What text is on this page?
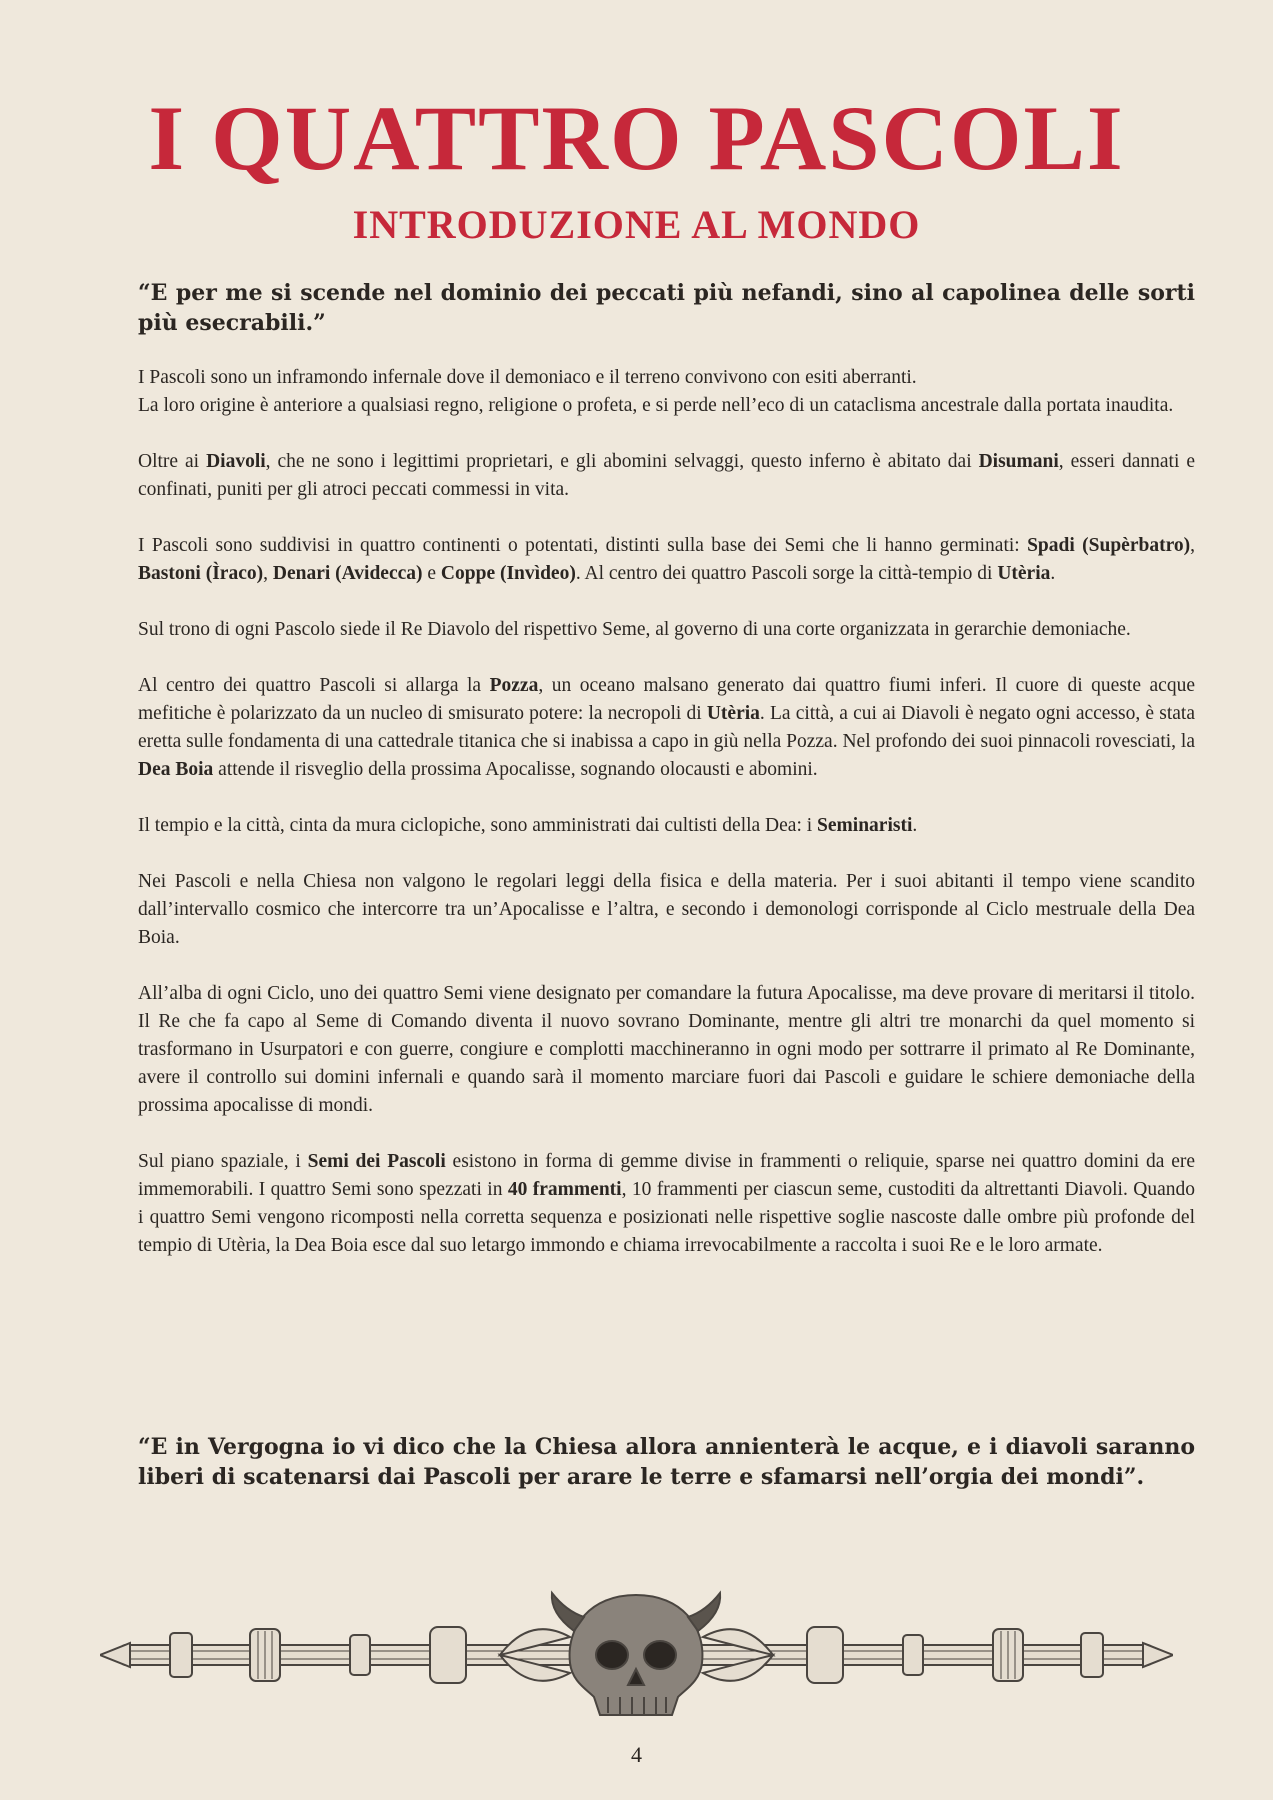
I QUATTRO PASCOLI
INTRODUZIONE AL MONDO
“E per me si scende nel dominio dei peccati più nefandi, sino al capolinea delle sorti più esecrabili.”

I Pascoli sono un inframondo infernale dove il demoniaco e il terreno convivono con esiti aberranti.
La loro origine è anteriore a qualsiasi regno, religione o profeta, e si perde nell’eco di un cataclisma ancestrale dalla portata inaudita.

Oltre ai Diavoli, che ne sono i legittimi proprietari, e gli abomini selvaggi, questo inferno è abitato dai Disumani, esseri dannati e confinati, puniti per gli atroci peccati commessi in vita.

I Pascoli sono suddivisi in quattro continenti o potentati, distinti sulla base dei Semi che li hanno germinati: Spadi (Supèrbatro), Bastoni (Ìraco), Denari (Avidecca) e Coppe (Invìdeo). Al centro dei quattro Pascoli sorge la città-tempio di Utèria.

Sul trono di ogni Pascolo siede il Re Diavolo del rispettivo Seme, al governo di una corte organizzata in gerarchie demoniache.

Al centro dei quattro Pascoli si allarga la Pozza, un oceano malsano generato dai quattro fiumi inferi. Il cuore di queste acque mefitiche è polarizzato da un nucleo di smisurato potere: la necropoli di Utèria. La città, a cui ai Diavoli è negato ogni accesso, è stata eretta sulle fondamenta di una cattedrale titanica che si inabissa a capo in giù nella Pozza. Nel profondo dei suoi pinnacoli rovesciati, la Dea Boia attende il risveglio della prossima Apocalisse, sognando olocausti e abomini.

Il tempio e la città, cinta da mura ciclopiche, sono amministrati dai cultisti della Dea: i Seminaristi.

Nei Pascoli e nella Chiesa non valgono le regolari leggi della fisica e della materia. Per i suoi abitanti il tempo viene scandito dall’intervallo cosmico che intercorre tra un’Apocalisse e l’altra, e secondo i demonologi corrisponde al Ciclo mestruale della Dea Boia.

All’alba di ogni Ciclo, uno dei quattro Semi viene designato per comandare la futura Apocalisse, ma deve provare di meritarsi il titolo. Il Re che fa capo al Seme di Comando diventa il nuovo sovrano Dominante, mentre gli altri tre monarchi da quel momento si trasformano in Usurpatori e con guerre, congiure e complotti macchineranno in ogni modo per sottrarre il primato al Re Dominante, avere il controllo sui domini infernali e quando sarà il momento marciare fuori dai Pascoli e guidare le schiere demoniache della prossima apocalisse di mondi.

Sul piano spaziale, i Semi dei Pascoli esistono in forma di gemme divise in frammenti o reliquie, sparse nei quattro domini da ere immemorabili. I quattro Semi sono spezzati in 40 frammenti, 10 frammenti per ciascun seme, custoditi da altrettanti Diavoli. Quando i quattro Semi vengono ricomposti nella corretta sequenza e posizionati nelle rispettive soglie nascoste dalle ombre più profonde del tempio di Utèria, la Dea Boia esce dal suo letargo immondo e chiama irrevocabilmente a raccolta i suoi Re e le loro armate.

“E in Vergogna io vi dico che la Chiesa allora annienterà le acque, e i diavoli saranno liberi di scatenarsi dai Pascoli per arare le terre e sfamarsi nell’orgia dei mondi”.
4
